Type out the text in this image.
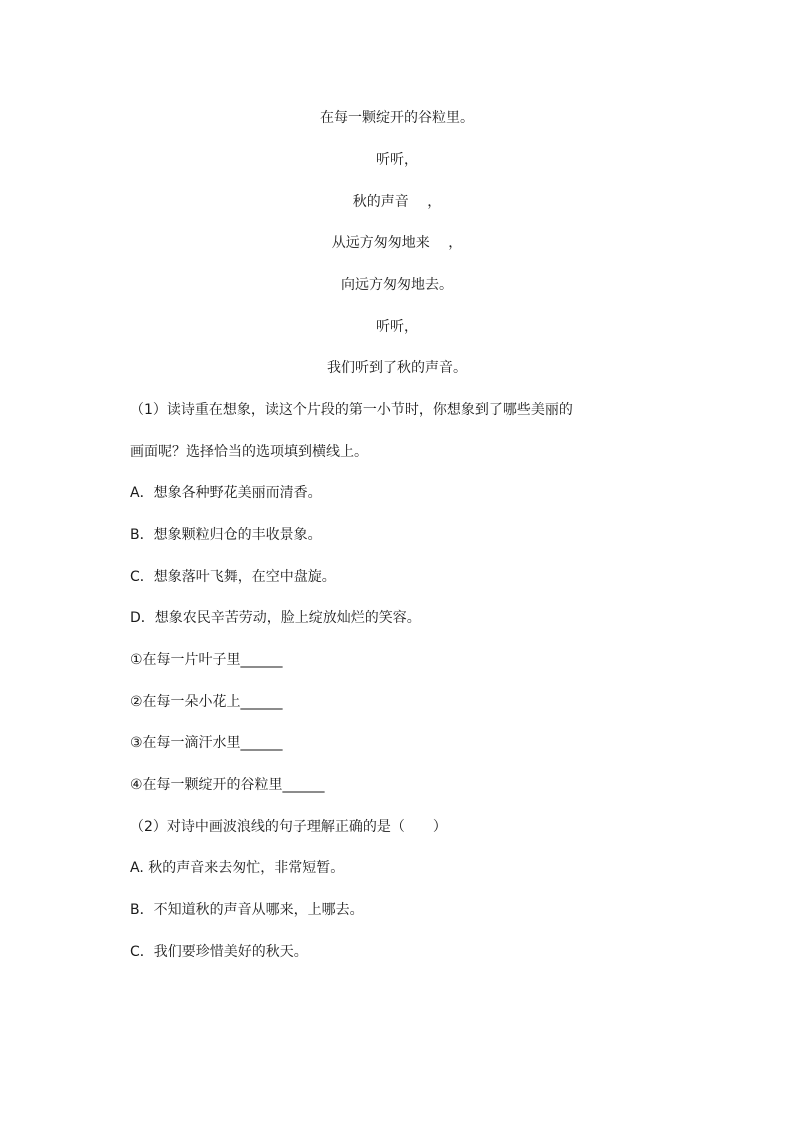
在每一颗绽开的谷粒里。
听听，
秋的声音　 ，
从远方匆匆地来　 ，
向远方匆匆地去。
听听，
我们听到了秋的声音。
（1）读诗重在想象，读这个片段的第一小节时，你想象到了哪些美丽的
画面呢？选择恰当的选项填到横线上。
A．想象各种野花美丽而清香。
B．想象颗粒归仓的丰收景象。
C．想象落叶飞舞，在空中盘旋。
D．想象农民辛苦劳动，脸上绽放灿烂的笑容。
①在每一片叶子里______
②在每一朵小花上______
③在每一滴汗水里______
④在每一颗绽开的谷粒里______
（2）对诗中画波浪线的句子理解正确的是（　　）
A. 秋的声音来去匆忙，非常短暂。
B．不知道秋的声音从哪来，上哪去。
C．我们要珍惜美好的秋天。
